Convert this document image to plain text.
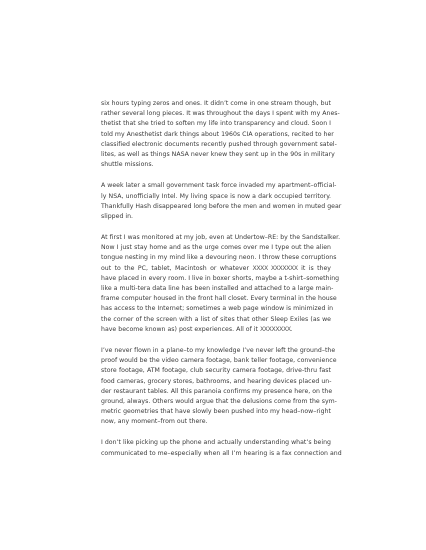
six hours typing zeros and ones. It didn’t come in one stream though, but
rather several long pieces. It was throughout the days I spent with my Anes-
thetist that she tried to soften my life into transparency and cloud. Soon I
told my Anesthetist dark things about 1960s CIA operations, recited to her
classified electronic documents recently pushed through government satel-
lites, as well as things NASA never knew they sent up in the 90s in military
shuttle missions.
A week later a small government task force invaded my apartment–official-
ly NSA, unofficially Intel. My living space is now a dark occupied territory.
Thankfully Hash disappeared long before the men and women in muted gear
slipped in.
At first I was monitored at my job, even at Undertow–RE: by the Sandstalker.
Now I just stay home and as the urge comes over me I type out the alien
tongue nesting in my mind like a devouring neon. I throw these corruptions
out to the PC, tablet, Macintosh or whatever XXXX XXXXXXX it is they
have placed in every room. I live in boxer shorts, maybe a t-shirt–something
like a multi-tera data line has been installed and attached to a large main-
frame computer housed in the front hall closet. Every terminal in the house
has access to the Internet; sometimes a web page window is minimized in
the corner of the screen with a list of sites that other Sleep Exiles (as we
have become known as) post experiences. All of it XXXXXXXX.
I’ve never flown in a plane–to my knowledge I’ve never left the ground–the
proof would be the video camera footage, bank teller footage, convenience
store footage, ATM footage, club security camera footage, drive-thru fast
food cameras, grocery stores, bathrooms, and hearing devices placed un-
der restaurant tables. All this paranoia confirms my presence here, on the
ground, always. Others would argue that the delusions come from the sym-
metric geometries that have slowly been pushed into my head–now–right
now, any moment–from out there.
I don’t like picking up the phone and actually understanding what’s being
communicated to me–especially when all I’m hearing is a fax connection and
